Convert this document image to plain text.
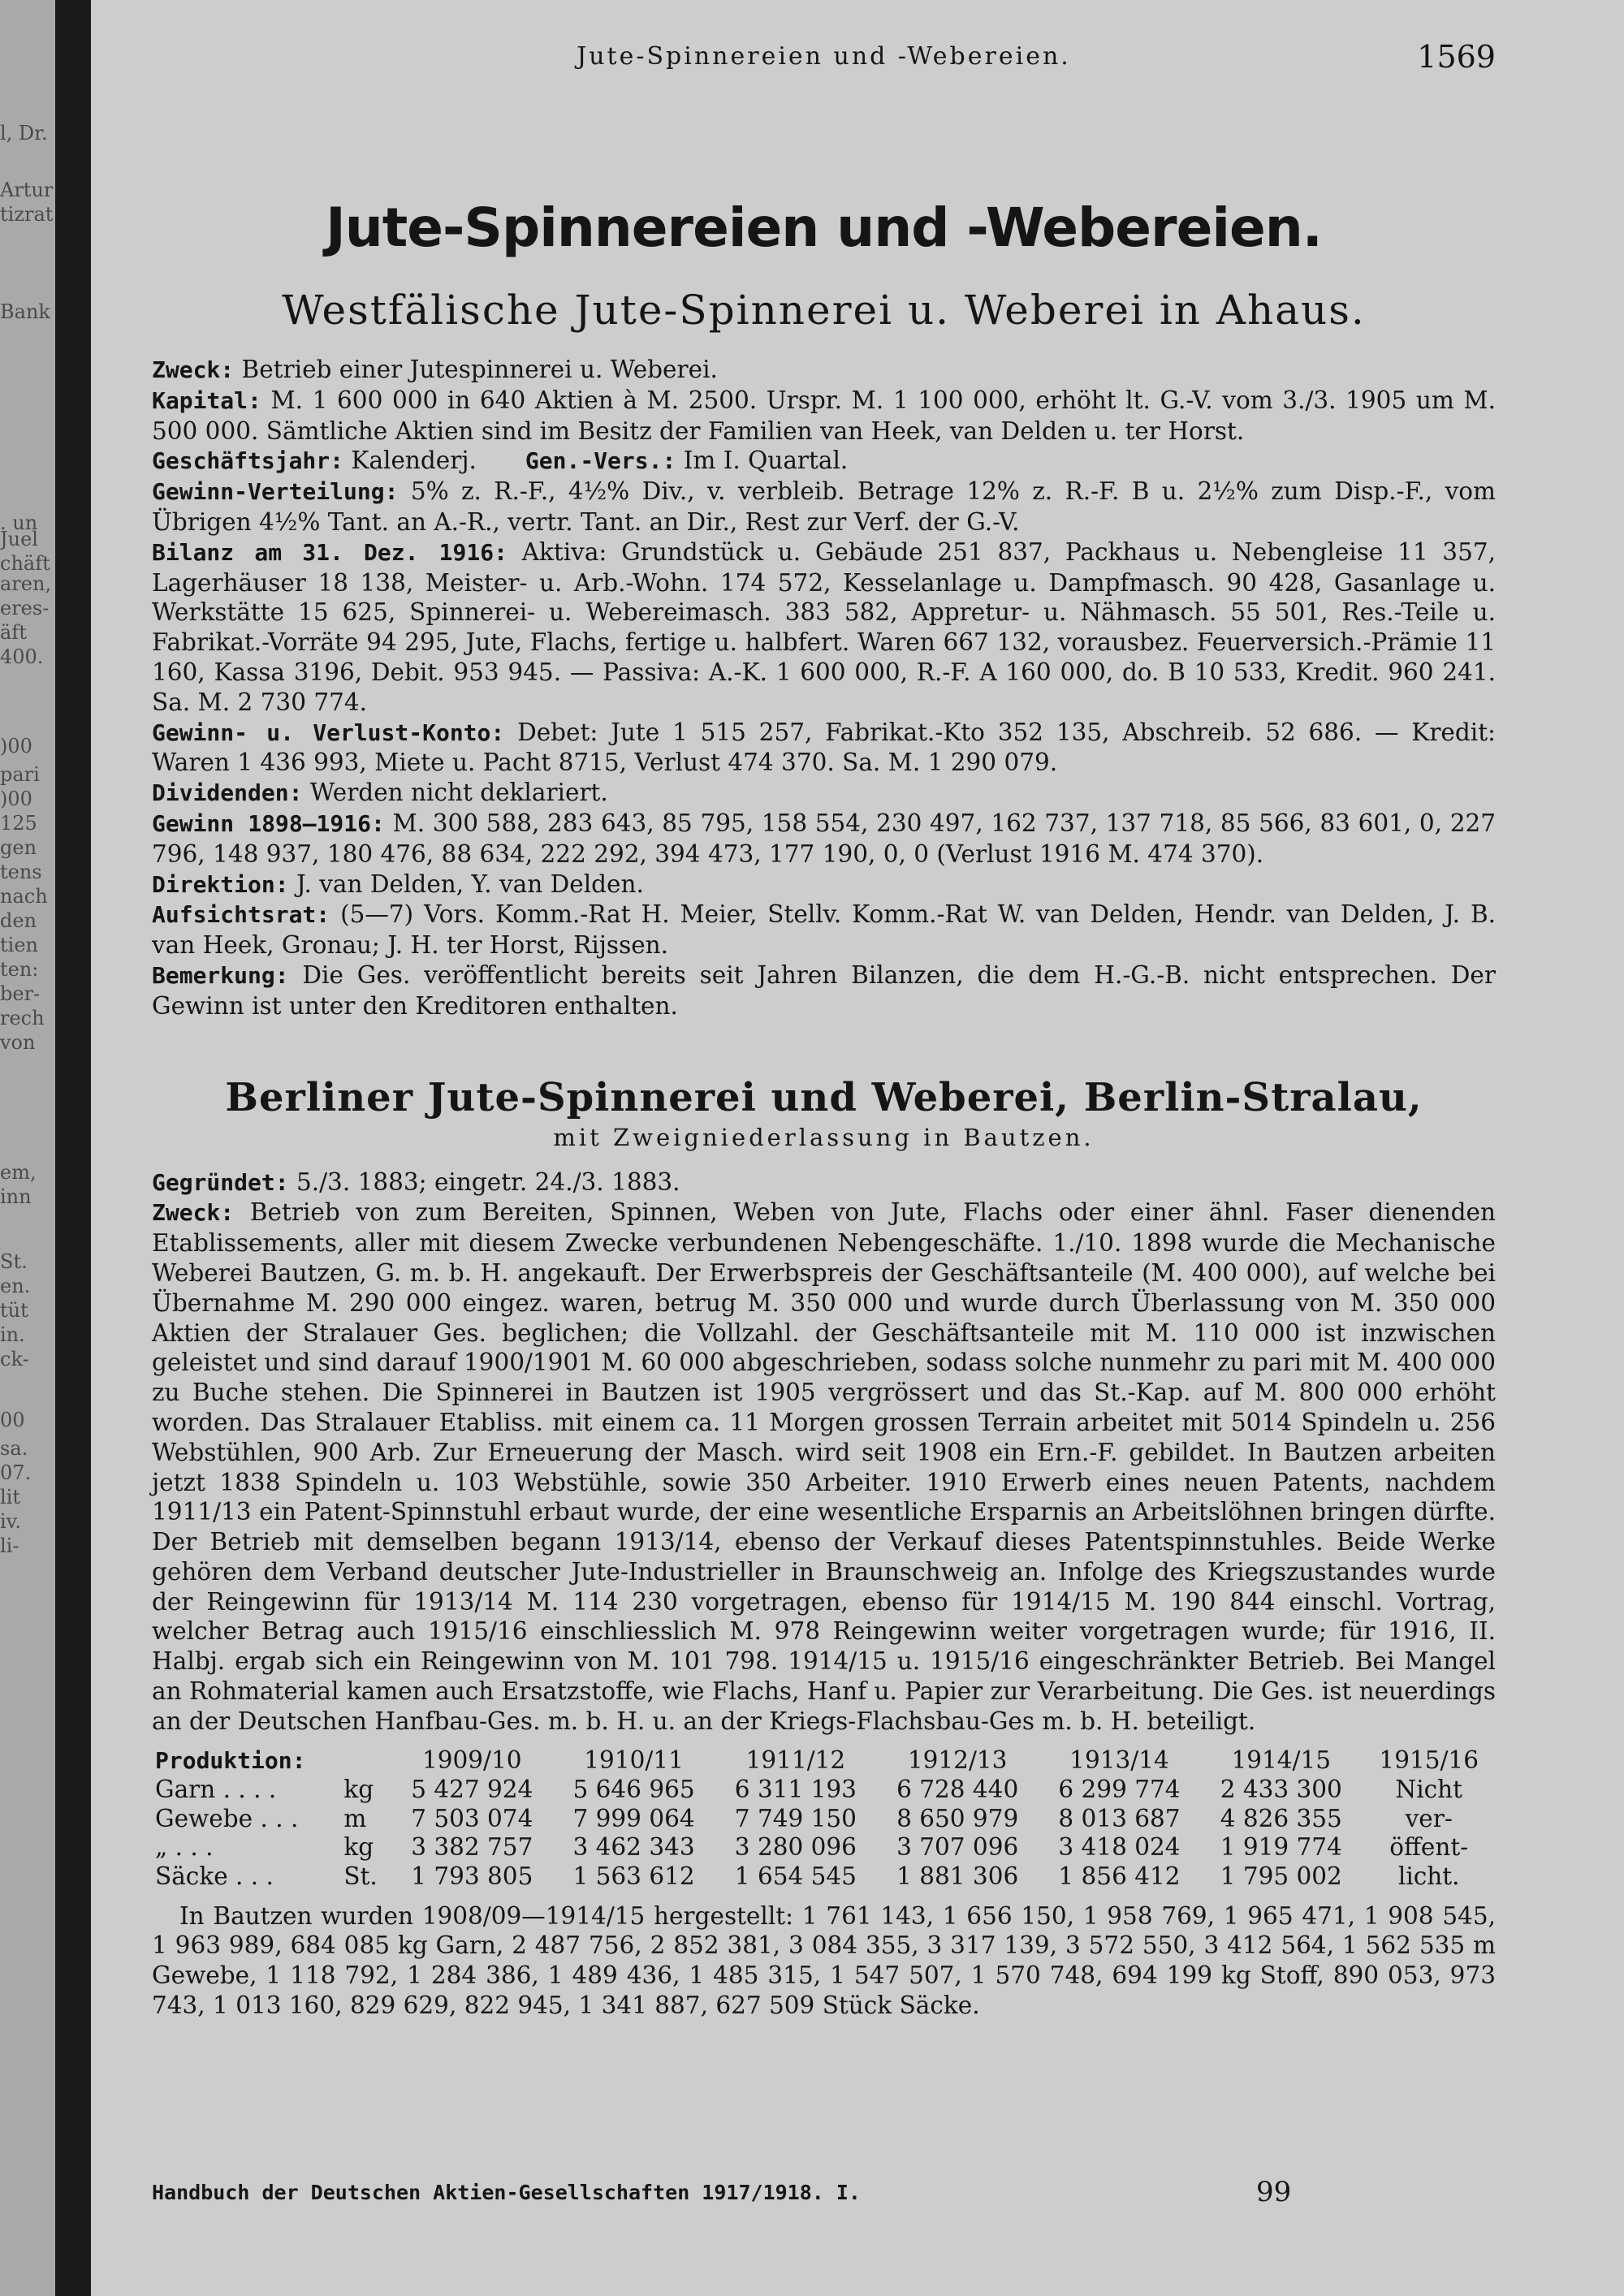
l, Dr.
Artur
tizrat
Bank
. un
Juel
chäft
aren,
eres-
äft
400.
)00
pari
)00
125
gen
tens
nach
den
tien
ten:
ber-
rech
von
em,
inn
St.
en.
tüt
in.
ck-
00
sa.
07.
lit
iv.
li-
Jute-Spinnereien und -Webereien.	1569
Jute-Spinnereien und -Webereien.
Westfälische Jute-Spinnerei u. Weberei in Ahaus.

Zweck: Betrieb einer Jutespinnerei u. Weberei.

Kapital: M. 1 600 000 in 640 Aktien à M. 2500. Urspr. M. 1 100 000, erhöht lt. G.-V. vom 3./3. 1905 um M. 500 000. Sämtliche Aktien sind im Besitz der Familien van Heek, van Delden u. ter Horst.

Geschäftsjahr: Kalenderj. Gen.-Vers.: Im I. Quartal.

Gewinn-Verteilung: 5% z. R.-F., 4½% Div., v. verbleib. Betrage 12% z. R.-F. B u. 2½% zum Disp.-F., vom Übrigen 4½% Tant. an A.-R., vertr. Tant. an Dir., Rest zur Verf. der G.-V.

Bilanz am 31. Dez. 1916: Aktiva: Grundstück u. Gebäude 251 837, Packhaus u. Nebengleise 11 357, Lagerhäuser 18 138, Meister- u. Arb.-Wohn. 174 572, Kesselanlage u. Dampfmasch. 90 428, Gasanlage u. Werkstätte 15 625, Spinnerei- u. Webereimasch. 383 582, Appretur- u. Nähmasch. 55 501, Res.-Teile u. Fabrikat.-Vorräte 94 295, Jute, Flachs, fertige u. halbfert. Waren 667 132, vorausbez. Feuerversich.-Prämie 11 160, Kassa 3196, Debit. 953 945. — Passiva: A.-K. 1 600 000, R.-F. A 160 000, do. B 10 533, Kredit. 960 241. Sa. M. 2 730 774.

Gewinn- u. Verlust-Konto: Debet: Jute 1 515 257, Fabrikat.-Kto 352 135, Abschreib. 52 686. — Kredit: Waren 1 436 993, Miete u. Pacht 8715, Verlust 474 370. Sa. M. 1 290 079.

Dividenden: Werden nicht deklariert.

Gewinn 1898—1916: M. 300 588, 283 643, 85 795, 158 554, 230 497, 162 737, 137 718, 85 566, 83 601, 0, 227 796, 148 937, 180 476, 88 634, 222 292, 394 473, 177 190, 0, 0 (Verlust 1916 M. 474 370).

Direktion: J. van Delden, Y. van Delden.

Aufsichtsrat: (5—7) Vors. Komm.-Rat H. Meier, Stellv. Komm.-Rat W. van Delden, Hendr. van Delden, J. B. van Heek, Gronau; J. H. ter Horst, Rijssen.

Bemerkung: Die Ges. veröffentlicht bereits seit Jahren Bilanzen, die dem H.-G.-B. nicht entsprechen. Der Gewinn ist unter den Kreditoren enthalten.

Berliner Jute-Spinnerei und Weberei, Berlin-Stralau,
mit Zweigniederlassung in Bautzen.

Gegründet: 5./3. 1883; eingetr. 24./3. 1883.

Zweck: Betrieb von zum Bereiten, Spinnen, Weben von Jute, Flachs oder einer ähnl. Faser dienenden Etablissements, aller mit diesem Zwecke verbundenen Nebengeschäfte. 1./10. 1898 wurde die Mechanische Weberei Bautzen, G. m. b. H. angekauft. Der Erwerbspreis der Geschäftsanteile (M. 400 000), auf welche bei Übernahme M. 290 000 eingez. waren, betrug M. 350 000 und wurde durch Überlassung von M. 350 000 Aktien der Stralauer Ges. beglichen; die Vollzahl. der Geschäftsanteile mit M. 110 000 ist inzwischen geleistet und sind darauf 1900/1901 M. 60 000 abgeschrieben, sodass solche nunmehr zu pari mit M. 400 000 zu Buche stehen. Die Spinnerei in Bautzen ist 1905 vergrössert und das St.-Kap. auf M. 800 000 erhöht worden. Das Stralauer Etabliss. mit einem ca. 11 Morgen grossen Terrain arbeitet mit 5014 Spindeln u. 256 Webstühlen, 900 Arb. Zur Erneuerung der Masch. wird seit 1908 ein Ern.-F. gebildet. In Bautzen arbeiten jetzt 1838 Spindeln u. 103 Webstühle, sowie 350 Arbeiter. 1910 Erwerb eines neuen Patents, nachdem 1911/13 ein Patent-Spinnstuhl erbaut wurde, der eine wesentliche Ersparnis an Arbeitslöhnen bringen dürfte. Der Betrieb mit demselben begann 1913/14, ebenso der Verkauf dieses Patentspinnstuhles. Beide Werke gehören dem Verband deutscher Jute-Industrieller in Braunschweig an. Infolge des Kriegszustandes wurde der Reingewinn für 1913/14 M. 114 230 vorgetragen, ebenso für 1914/15 M. 190 844 einschl. Vortrag, welcher Betrag auch 1915/16 einschliesslich M. 978 Reingewinn weiter vorgetragen wurde; für 1916, II. Halbj. ergab sich ein Reingewinn von M. 101 798. 1914/15 u. 1915/16 eingeschränkter Betrieb. Bei Mangel an Rohmaterial kamen auch Ersatzstoffe, wie Flachs, Hanf u. Papier zur Verarbeitung. Die Ges. ist neuerdings an der Deutschen Hanfbau-Ges. m. b. H. u. an der Kriegs-Flachsbau-Ges m. b. H. beteiligt.

Produktion:		1909/10	1910/11	1911/12	1912/13	1913/14	1914/15	1915/16
Garn . . . .	kg	5 427 924	5 646 965	6 311 193	6 728 440	6 299 774	2 433 300	Nicht
Gewebe . . .	m	7 503 074	7 999 064	7 749 150	8 650 979	8 013 687	4 826 355	ver-
„ . . .	kg	3 382 757	3 462 343	3 280 096	3 707 096	3 418 024	1 919 774	öffent-
Säcke . . .	St.	1 793 805	1 563 612	1 654 545	1 881 306	1 856 412	1 795 002	licht.

In Bautzen wurden 1908/09—1914/15 hergestellt: 1 761 143, 1 656 150, 1 958 769, 1 965 471, 1 908 545, 1 963 989, 684 085 kg Garn, 2 487 756, 2 852 381, 3 084 355, 3 317 139, 3 572 550, 3 412 564, 1 562 535 m Gewebe, 1 118 792, 1 284 386, 1 489 436, 1 485 315, 1 547 507, 1 570 748, 694 199 kg Stoff, 890 053, 973 743, 1 013 160, 829 629, 822 945, 1 341 887, 627 509 Stück Säcke.

Handbuch der Deutschen Aktien-Gesellschaften 1917/1918. I.	99
